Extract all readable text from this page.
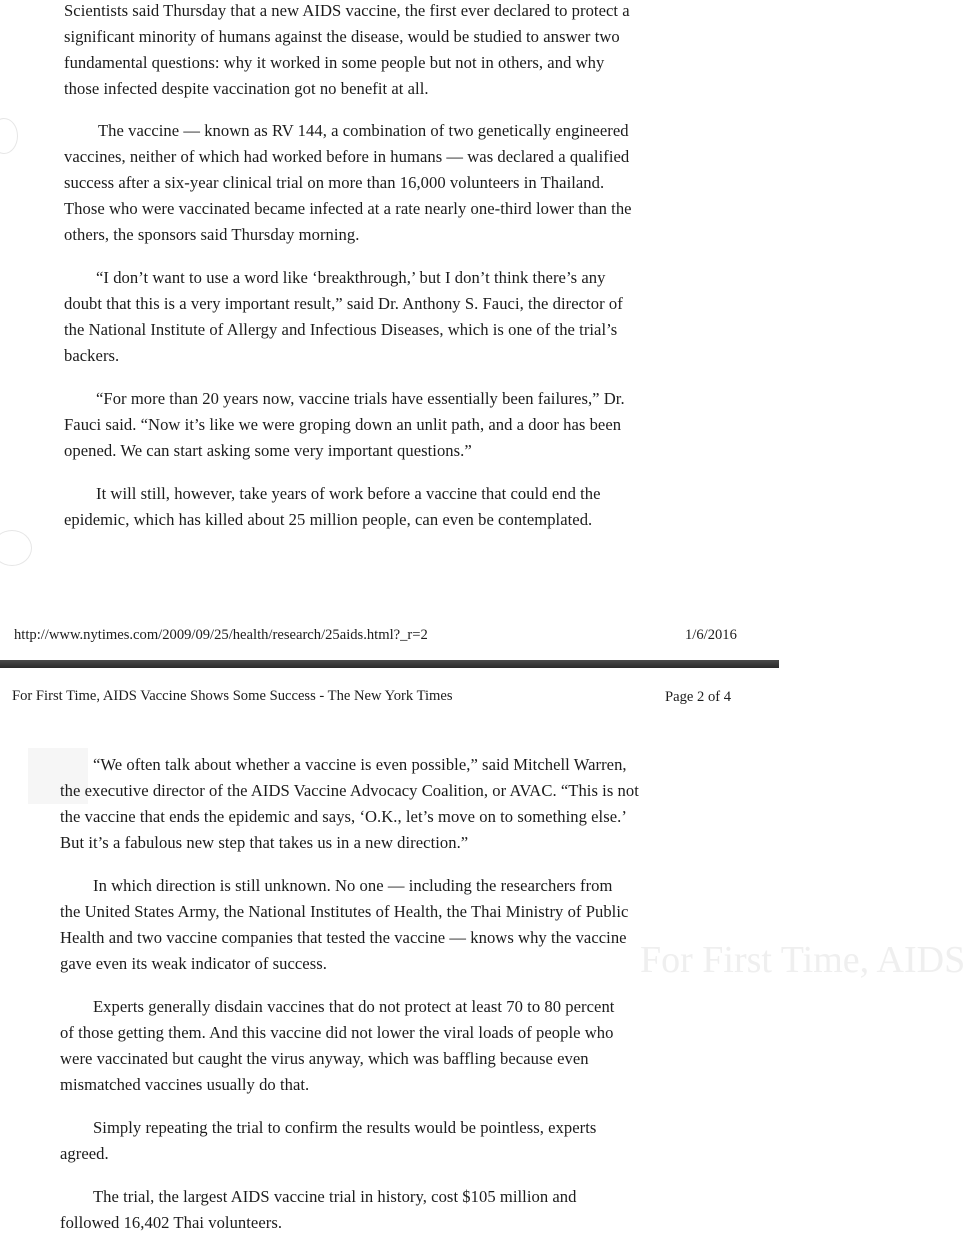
Scientists said Thursday that a new AIDS vaccine, the first ever declared to protect a
significant minority of humans against the disease, would be studied to answer two
fundamental questions: why it worked in some people but not in others, and why
those infected despite vaccination got no benefit at all.

The vaccine — known as RV 144, a combination of two genetically engineered
vaccines, neither of which had worked before in humans — was declared a qualified
success after a six-year clinical trial on more than 16,000 volunteers in Thailand.
Those who were vaccinated became infected at a rate nearly one-third lower than the
others, the sponsors said Thursday morning.

“I don’t want to use a word like ‘breakthrough,’ but I don’t think there’s any
doubt that this is a very important result,” said Dr. Anthony S. Fauci, the director of
the National Institute of Allergy and Infectious Diseases, which is one of the trial’s
backers.

“For more than 20 years now, vaccine trials have essentially been failures,” Dr.
Fauci said. “Now it’s like we were groping down an unlit path, and a door has been
opened. We can start asking some very important questions.”

It will still, however, take years of work before a vaccine that could end the
epidemic, which has killed about 25 million people, can even be contemplated.

http://www.nytimes.com/2009/09/25/health/research/25aids.html?_r=2	1/6/2016
For First Time, AIDS
For First Time, AIDS Vaccine Shows Some Success - The New York Times	Page 2 of 4

“We often talk about whether a vaccine is even possible,” said Mitchell Warren,
the executive director of the AIDS Vaccine Advocacy Coalition, or AVAC. “This is not
the vaccine that ends the epidemic and says, ‘O.K., let’s move on to something else.’
But it’s a fabulous new step that takes us in a new direction.”

In which direction is still unknown. No one — including the researchers from
the United States Army, the National Institutes of Health, the Thai Ministry of Public
Health and two vaccine companies that tested the vaccine — knows why the vaccine
gave even its weak indicator of success.

Experts generally disdain vaccines that do not protect at least 70 to 80 percent
of those getting them. And this vaccine did not lower the viral loads of people who
were vaccinated but caught the virus anyway, which was baffling because even
mismatched vaccines usually do that.

Simply repeating the trial to confirm the results would be pointless, experts
agreed.

The trial, the largest AIDS vaccine trial in history, cost $105 million and
followed 16,402 Thai volunteers.
